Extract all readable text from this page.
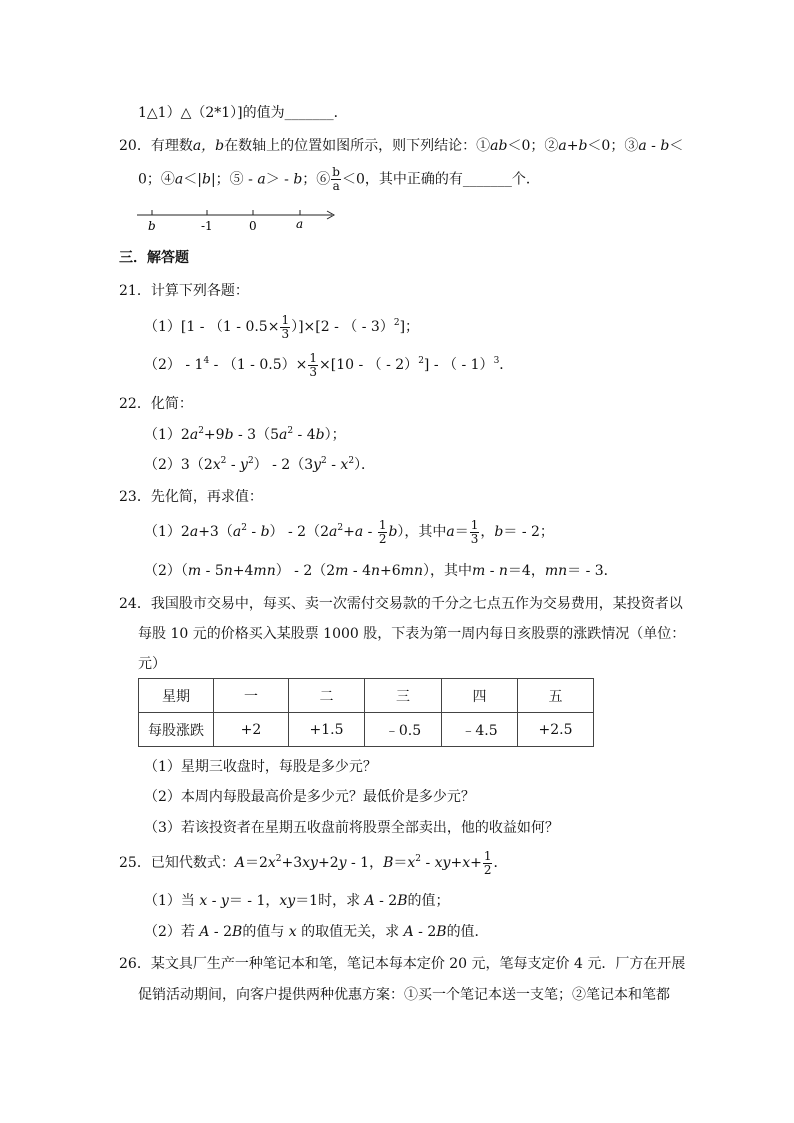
1△1）△（2*1）]的值为_______．
20．有理数a，b在数轴上的位置如图所示，则下列结论：①ab＜0；②a+b＜0；③a - b＜
0；④a＜|b|；⑤ - a＞ - b；⑥ $\frac{b}{a} <0$，其中正确的有_______个．
b	-1	0	a
三．解答题
21．计算下列各题：
$(1)[1 - (1 - 0.5\times \frac{1}{3} )]\times[2$ - （ - 3）$^2$]；
$(2) - 1^4 - (1 - 0.5)\times \frac{1}{3} \times[10$ - （ - 2）$^2$] - （ - 1）$^3$．
22．化简：
$(1)2a^2+9b - 3(5a^2 - 4b)$；
$(2)3(2x^2 - y^2) - 2(3y^2 - x^2)$．
23．先化简，再求值：
$(1)2a+3(a^2 - b) - 2(2a^2+a - \frac{1}{2} b)$，其中$a= \frac{1}{3}$ ，b＝ - 2；
（2）（m - 5n+4mn） - 2（2m - 4n+6mn），其中m - n＝4，mn＝ - 3．
24．我国股市交易中，每买、卖一次需付交易款的千分之七点五作为交易费用，某投资者以
每股 10 元的价格买入某股票 1000 股，下表为第一周内每日亥股票的涨跌情况（单位：
元）
星期	一	二	三	四	五
每股涨跌	+2	+1.5	﹣0.5	﹣4.5	+2.5
（1）星期三收盘时，每股是多少元？
（2）本周内每股最高价是多少元？最低价是多少元？
（3）若该投资者在星期五收盘前将股票全部卖出，他的收益如何？
25．已知代数式：$A=2x^2+3xy+2y - 1$，$B=x^2 - xy+x+ \frac{1}{2}$ ．
（1）当 x - y＝ - 1，xy＝1时，求 A - 2B的值；
（2）若 A - 2B的值与 x 的取值无关，求 A - 2B的值．
26．某文具厂生产一种笔记本和笔，笔记本每本定价 20 元，笔每支定价 4 元．厂方在开展
促销活动期间，向客户提供两种优惠方案：①买一个笔记本送一支笔；②笔记本和笔都
